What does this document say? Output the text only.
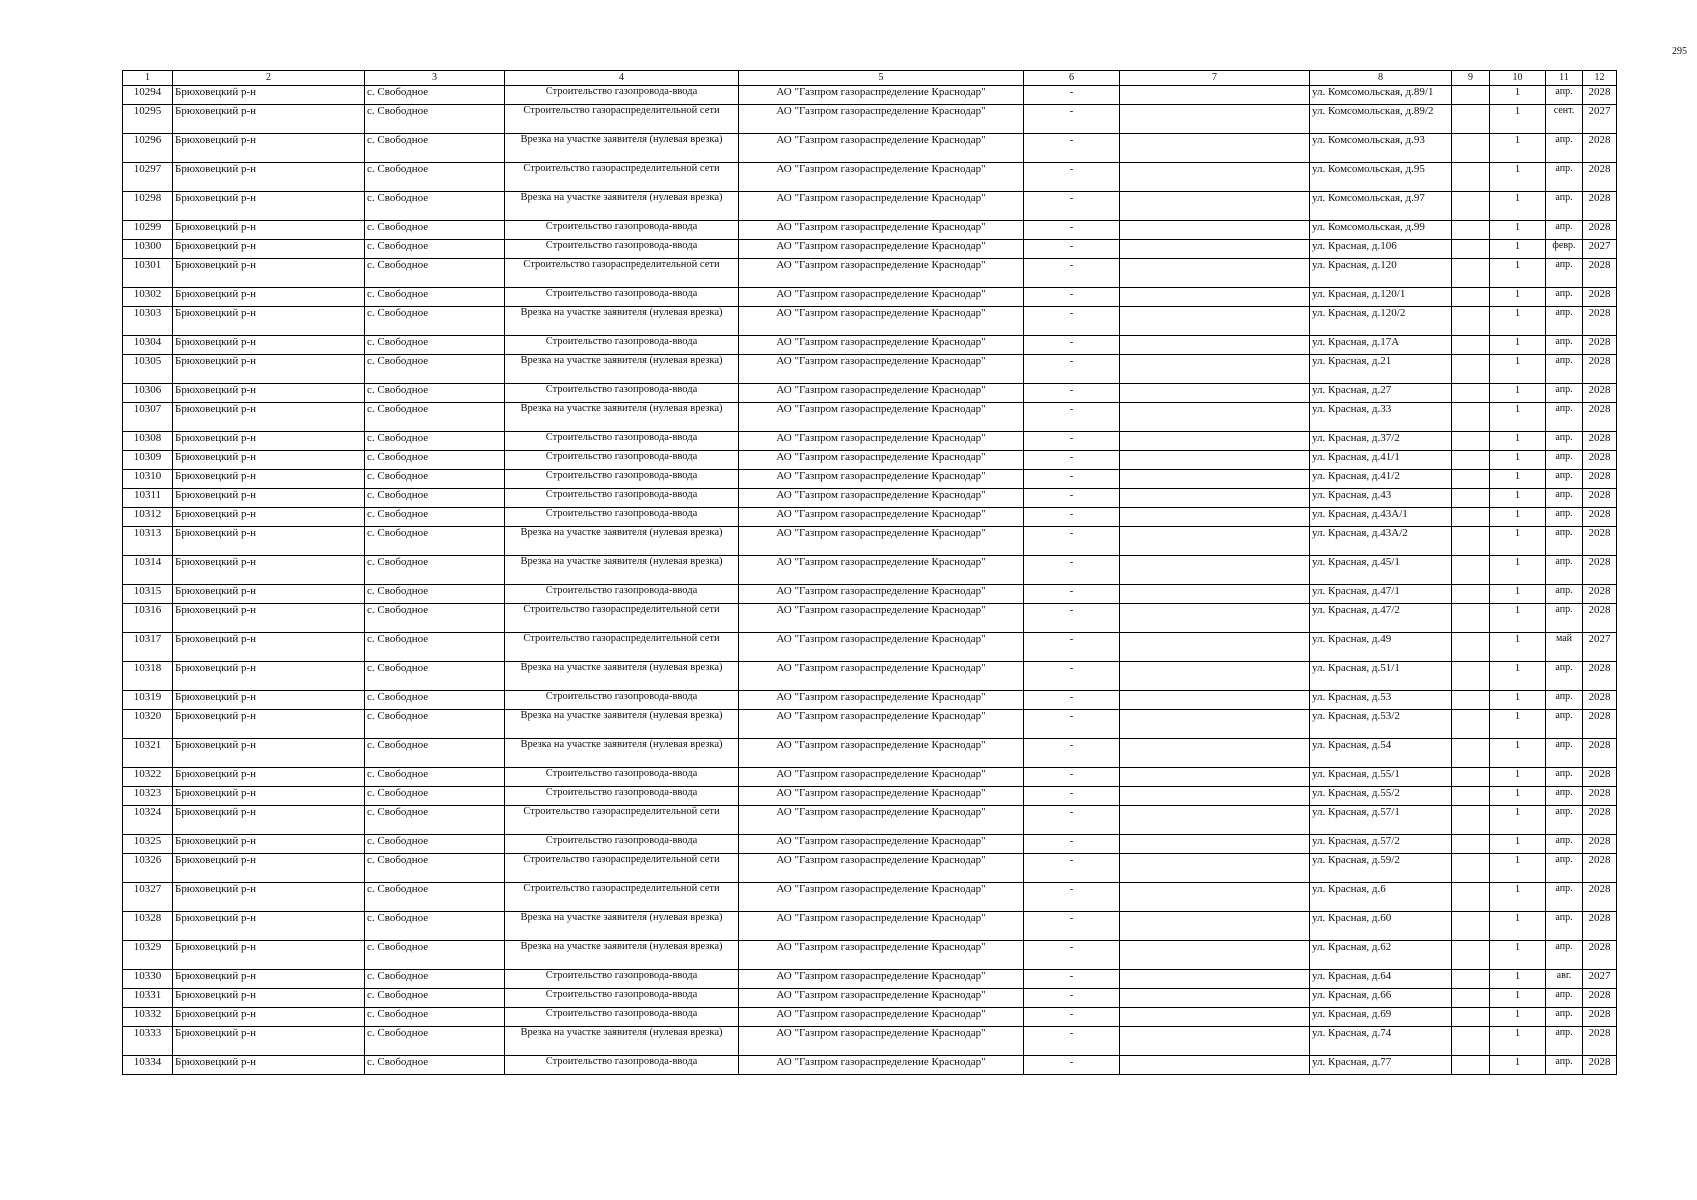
295
1	2	3	4	5	6	7	8	9	10	11	12
10294	Брюховецкий р-н	с. Свободное	Строительство газопровода-ввода	АО "Газпром газораспределение Краснодар"	-		ул. Комсомольская, д.89/1		1	апр.	2028
10295	Брюховецкий р-н	с. Свободное	Строительство газораспределительной сети	АО "Газпром газораспределение Краснодар"	-		ул. Комсомольская, д.89/2		1	сент.	2027
10296	Брюховецкий р-н	с. Свободное	Врезка на участке заявителя (нулевая врезка)	АО "Газпром газораспределение Краснодар"	-		ул. Комсомольская, д.93		1	апр.	2028
10297	Брюховецкий р-н	с. Свободное	Строительство газораспределительной сети	АО "Газпром газораспределение Краснодар"	-		ул. Комсомольская, д.95		1	апр.	2028
10298	Брюховецкий р-н	с. Свободное	Врезка на участке заявителя (нулевая врезка)	АО "Газпром газораспределение Краснодар"	-		ул. Комсомольская, д.97		1	апр.	2028
10299	Брюховецкий р-н	с. Свободное	Строительство газопровода-ввода	АО "Газпром газораспределение Краснодар"	-		ул. Комсомольская, д.99		1	апр.	2028
10300	Брюховецкий р-н	с. Свободное	Строительство газопровода-ввода	АО "Газпром газораспределение Краснодар"	-		ул. Красная, д.106		1	февр.	2027
10301	Брюховецкий р-н	с. Свободное	Строительство газораспределительной сети	АО "Газпром газораспределение Краснодар"	-		ул. Красная, д.120		1	апр.	2028
10302	Брюховецкий р-н	с. Свободное	Строительство газопровода-ввода	АО "Газпром газораспределение Краснодар"	-		ул. Красная, д.120/1		1	апр.	2028
10303	Брюховецкий р-н	с. Свободное	Врезка на участке заявителя (нулевая врезка)	АО "Газпром газораспределение Краснодар"	-		ул. Красная, д.120/2		1	апр.	2028
10304	Брюховецкий р-н	с. Свободное	Строительство газопровода-ввода	АО "Газпром газораспределение Краснодар"	-		ул. Красная, д.17А		1	апр.	2028
10305	Брюховецкий р-н	с. Свободное	Врезка на участке заявителя (нулевая врезка)	АО "Газпром газораспределение Краснодар"	-		ул. Красная, д.21		1	апр.	2028
10306	Брюховецкий р-н	с. Свободное	Строительство газопровода-ввода	АО "Газпром газораспределение Краснодар"	-		ул. Красная, д.27		1	апр.	2028
10307	Брюховецкий р-н	с. Свободное	Врезка на участке заявителя (нулевая врезка)	АО "Газпром газораспределение Краснодар"	-		ул. Красная, д.33		1	апр.	2028
10308	Брюховецкий р-н	с. Свободное	Строительство газопровода-ввода	АО "Газпром газораспределение Краснодар"	-		ул. Красная, д.37/2		1	апр.	2028
10309	Брюховецкий р-н	с. Свободное	Строительство газопровода-ввода	АО "Газпром газораспределение Краснодар"	-		ул. Красная, д.41/1		1	апр.	2028
10310	Брюховецкий р-н	с. Свободное	Строительство газопровода-ввода	АО "Газпром газораспределение Краснодар"	-		ул. Красная, д.41/2		1	апр.	2028
10311	Брюховецкий р-н	с. Свободное	Строительство газопровода-ввода	АО "Газпром газораспределение Краснодар"	-		ул. Красная, д.43		1	апр.	2028
10312	Брюховецкий р-н	с. Свободное	Строительство газопровода-ввода	АО "Газпром газораспределение Краснодар"	-		ул. Красная, д.43А/1		1	апр.	2028
10313	Брюховецкий р-н	с. Свободное	Врезка на участке заявителя (нулевая врезка)	АО "Газпром газораспределение Краснодар"	-		ул. Красная, д.43А/2		1	апр.	2028
10314	Брюховецкий р-н	с. Свободное	Врезка на участке заявителя (нулевая врезка)	АО "Газпром газораспределение Краснодар"	-		ул. Красная, д.45/1		1	апр.	2028
10315	Брюховецкий р-н	с. Свободное	Строительство газопровода-ввода	АО "Газпром газораспределение Краснодар"	-		ул. Красная, д.47/1		1	апр.	2028
10316	Брюховецкий р-н	с. Свободное	Строительство газораспределительной сети	АО "Газпром газораспределение Краснодар"	-		ул. Красная, д.47/2		1	апр.	2028
10317	Брюховецкий р-н	с. Свободное	Строительство газораспределительной сети	АО "Газпром газораспределение Краснодар"	-		ул. Красная, д.49		1	май	2027
10318	Брюховецкий р-н	с. Свободное	Врезка на участке заявителя (нулевая врезка)	АО "Газпром газораспределение Краснодар"	-		ул. Красная, д.51/1		1	апр.	2028
10319	Брюховецкий р-н	с. Свободное	Строительство газопровода-ввода	АО "Газпром газораспределение Краснодар"	-		ул. Красная, д.53		1	апр.	2028
10320	Брюховецкий р-н	с. Свободное	Врезка на участке заявителя (нулевая врезка)	АО "Газпром газораспределение Краснодар"	-		ул. Красная, д.53/2		1	апр.	2028
10321	Брюховецкий р-н	с. Свободное	Врезка на участке заявителя (нулевая врезка)	АО "Газпром газораспределение Краснодар"	-		ул. Красная, д.54		1	апр.	2028
10322	Брюховецкий р-н	с. Свободное	Строительство газопровода-ввода	АО "Газпром газораспределение Краснодар"	-		ул. Красная, д.55/1		1	апр.	2028
10323	Брюховецкий р-н	с. Свободное	Строительство газопровода-ввода	АО "Газпром газораспределение Краснодар"	-		ул. Красная, д.55/2		1	апр.	2028
10324	Брюховецкий р-н	с. Свободное	Строительство газораспределительной сети	АО "Газпром газораспределение Краснодар"	-		ул. Красная, д.57/1		1	апр.	2028
10325	Брюховецкий р-н	с. Свободное	Строительство газопровода-ввода	АО "Газпром газораспределение Краснодар"	-		ул. Красная, д.57/2		1	апр.	2028
10326	Брюховецкий р-н	с. Свободное	Строительство газораспределительной сети	АО "Газпром газораспределение Краснодар"	-		ул. Красная, д.59/2		1	апр.	2028
10327	Брюховецкий р-н	с. Свободное	Строительство газораспределительной сети	АО "Газпром газораспределение Краснодар"	-		ул. Красная, д.6		1	апр.	2028
10328	Брюховецкий р-н	с. Свободное	Врезка на участке заявителя (нулевая врезка)	АО "Газпром газораспределение Краснодар"	-		ул. Красная, д.60		1	апр.	2028
10329	Брюховецкий р-н	с. Свободное	Врезка на участке заявителя (нулевая врезка)	АО "Газпром газораспределение Краснодар"	-		ул. Красная, д.62		1	апр.	2028
10330	Брюховецкий р-н	с. Свободное	Строительство газопровода-ввода	АО "Газпром газораспределение Краснодар"	-		ул. Красная, д.64		1	авг.	2027
10331	Брюховецкий р-н	с. Свободное	Строительство газопровода-ввода	АО "Газпром газораспределение Краснодар"	-		ул. Красная, д.66		1	апр.	2028
10332	Брюховецкий р-н	с. Свободное	Строительство газопровода-ввода	АО "Газпром газораспределение Краснодар"	-		ул. Красная, д.69		1	апр.	2028
10333	Брюховецкий р-н	с. Свободное	Врезка на участке заявителя (нулевая врезка)	АО "Газпром газораспределение Краснодар"	-		ул. Красная, д.74		1	апр.	2028
10334	Брюховецкий р-н	с. Свободное	Строительство газопровода-ввода	АО "Газпром газораспределение Краснодар"	-		ул. Красная, д.77		1	апр.	2028
